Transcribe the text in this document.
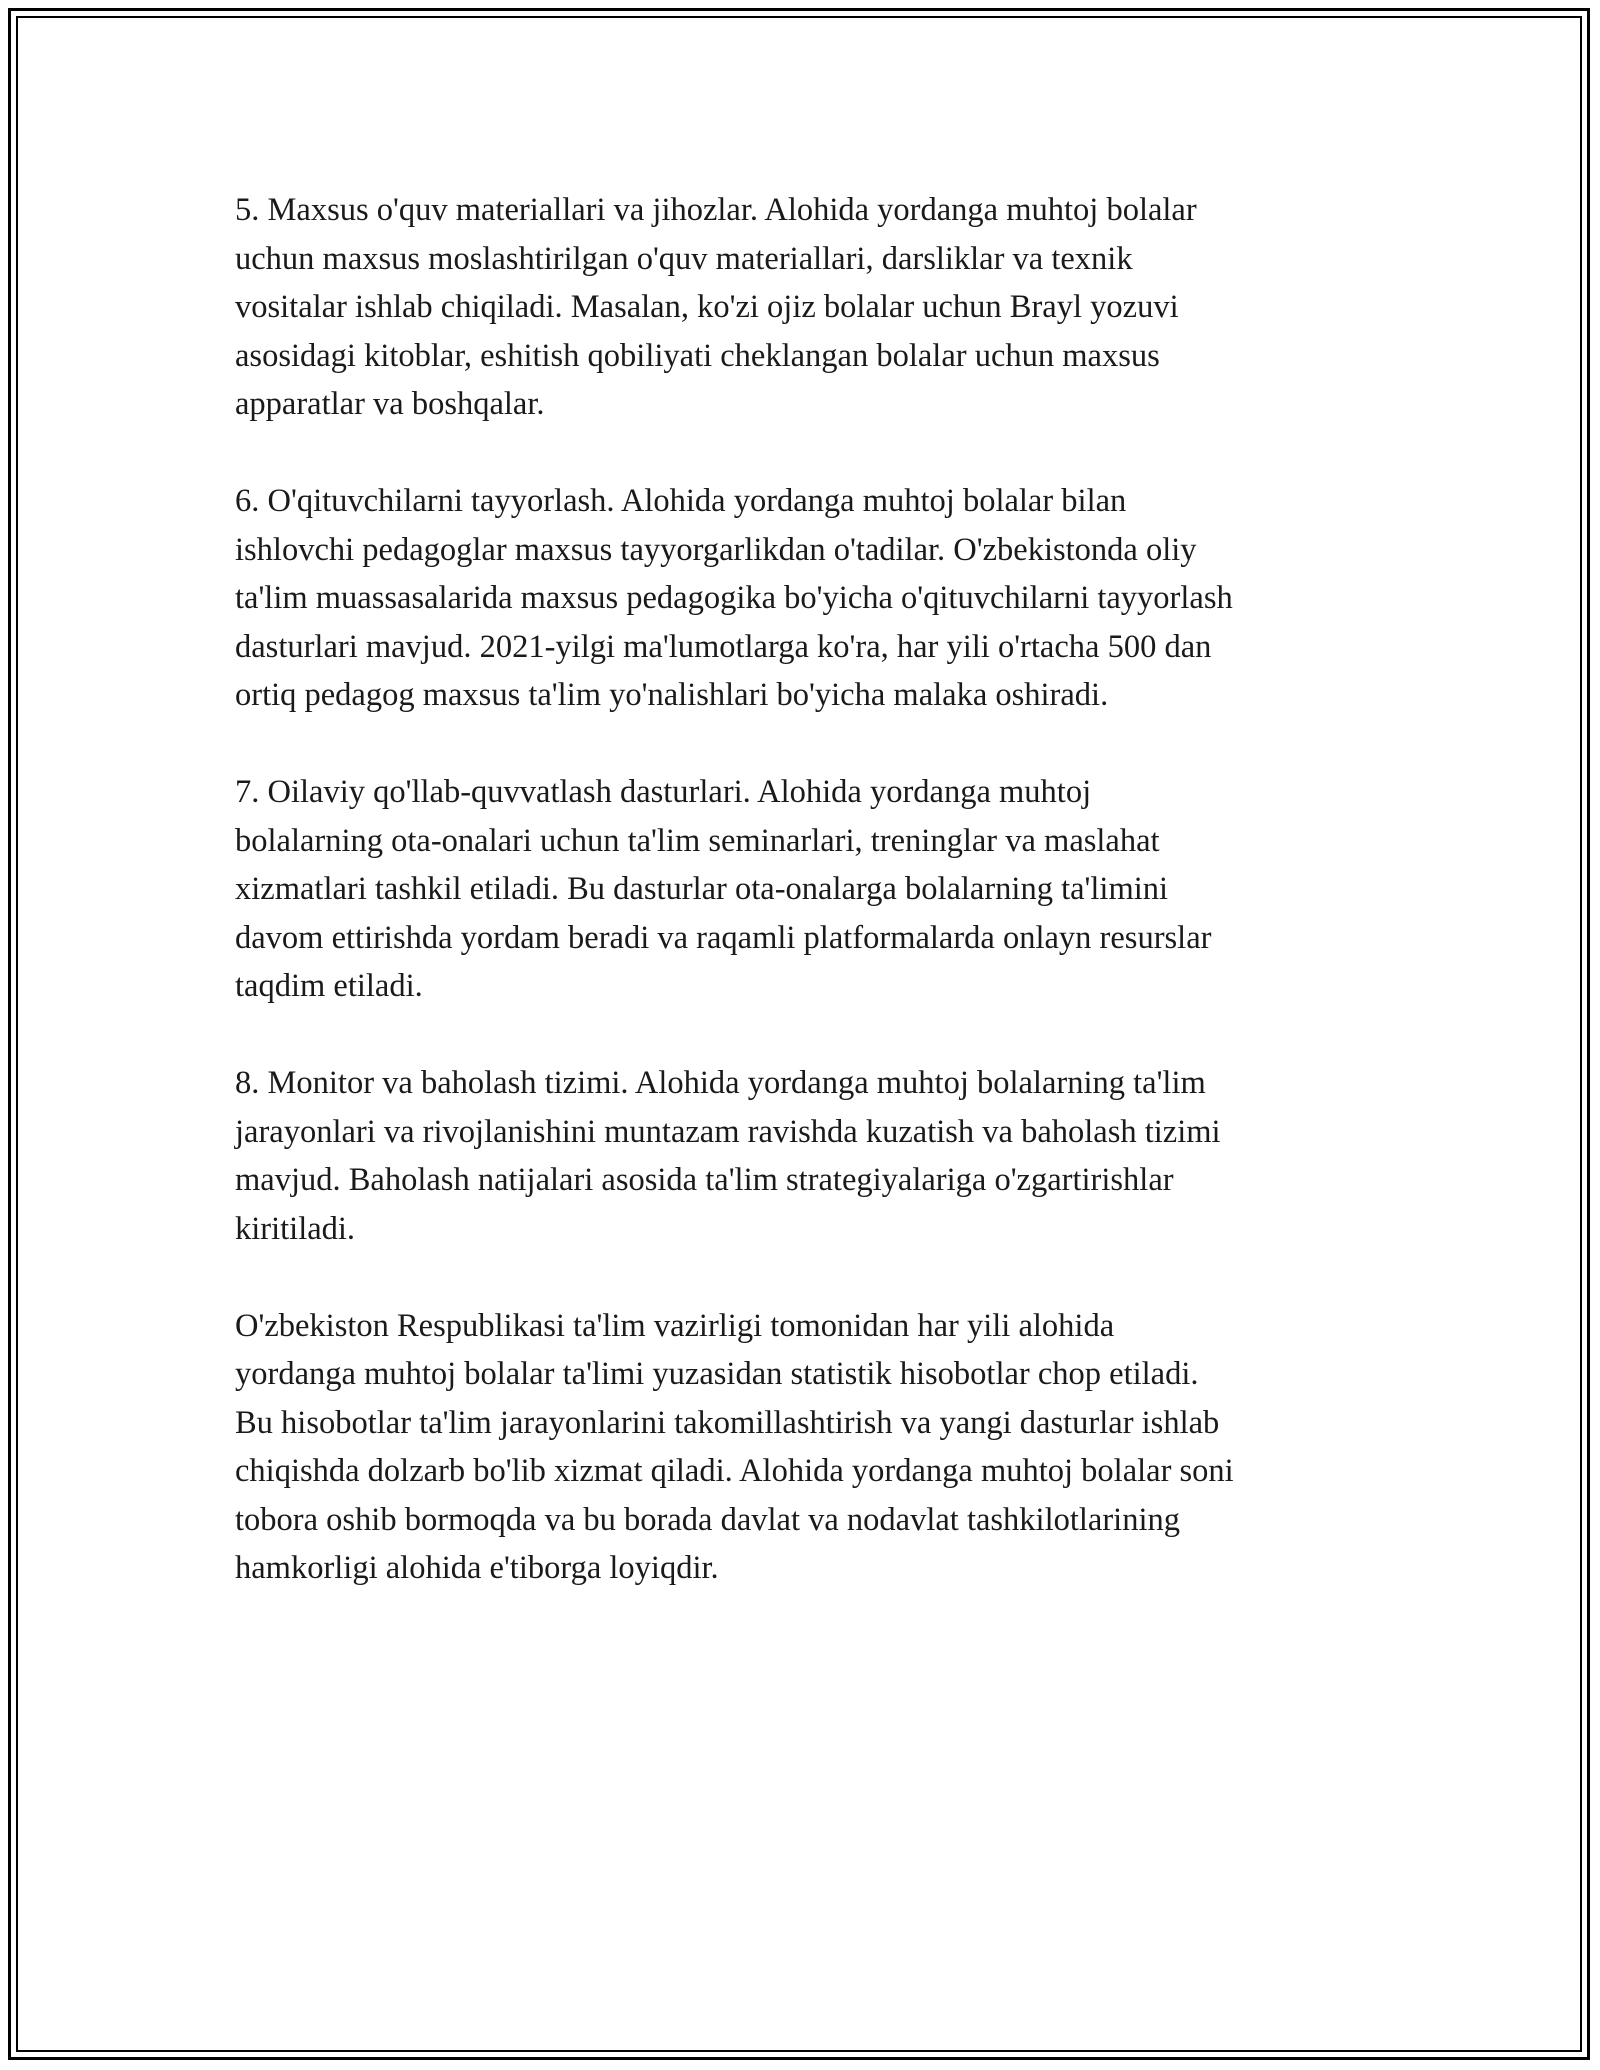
5. Maxsus o'quv materiallari va jihozlar. Alohida yordanga muhtoj bolalar
uchun maxsus moslashtirilgan o'quv materiallari, darsliklar va texnik
vositalar ishlab chiqiladi. Masalan, ko'zi ojiz bolalar uchun Brayl yozuvi
asosidagi kitoblar, eshitish qobiliyati cheklangan bolalar uchun maxsus
apparatlar va boshqalar.

6. O'qituvchilarni tayyorlash. Alohida yordanga muhtoj bolalar bilan
ishlovchi pedagoglar maxsus tayyorgarlikdan o'tadilar. O'zbekistonda oliy
ta'lim muassasalarida maxsus pedagogika bo'yicha o'qituvchilarni tayyorlash
dasturlari mavjud. 2021-yilgi ma'lumotlarga ko'ra, har yili o'rtacha 500 dan
ortiq pedagog maxsus ta'lim yo'nalishlari bo'yicha malaka oshiradi.

7. Oilaviy qo'llab-quvvatlash dasturlari. Alohida yordanga muhtoj
bolalarning ota-onalari uchun ta'lim seminarlari, treninglar va maslahat
xizmatlari tashkil etiladi. Bu dasturlar ota-onalarga bolalarning ta'limini
davom ettirishda yordam beradi va raqamli platformalarda onlayn resurslar
taqdim etiladi.

8. Monitor va baholash tizimi. Alohida yordanga muhtoj bolalarning ta'lim
jarayonlari va rivojlanishini muntazam ravishda kuzatish va baholash tizimi
mavjud. Baholash natijalari asosida ta'lim strategiyalariga o'zgartirishlar
kiritiladi.

O'zbekiston Respublikasi ta'lim vazirligi tomonidan har yili alohida
yordanga muhtoj bolalar ta'limi yuzasidan statistik hisobotlar chop etiladi.
Bu hisobotlar ta'lim jarayonlarini takomillashtirish va yangi dasturlar ishlab
chiqishda dolzarb bo'lib xizmat qiladi. Alohida yordanga muhtoj bolalar soni
tobora oshib bormoqda va bu borada davlat va nodavlat tashkilotlarining
hamkorligi alohida e'tiborga loyiqdir.
